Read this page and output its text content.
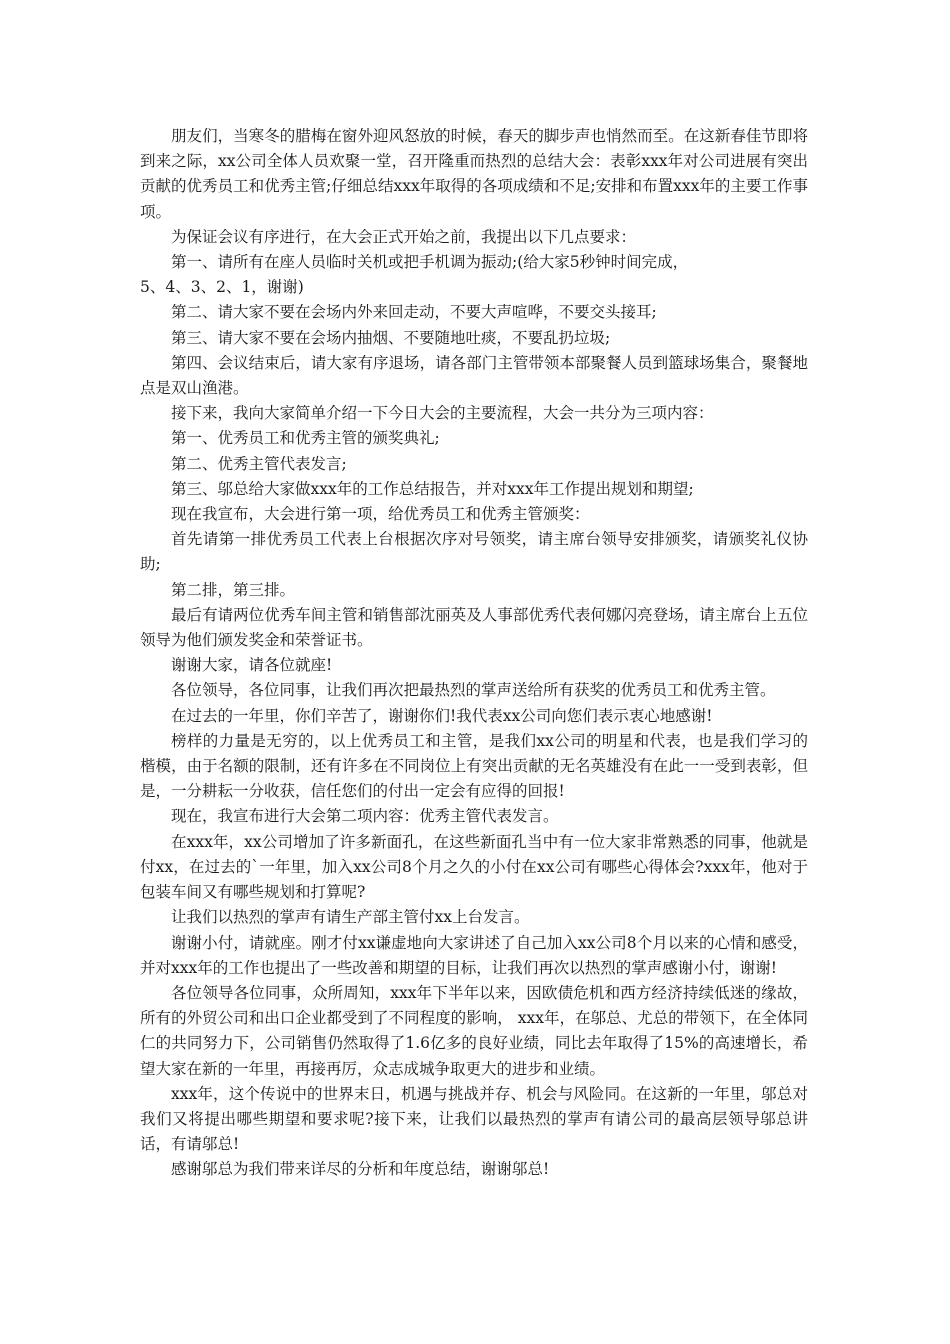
朋友们，当寒冬的腊梅在窗外迎风怒放的时候，春天的脚步声也悄然而至。在这新春佳节即将到来之际，xx公司全体人员欢聚一堂，召开隆重而热烈的总结大会：表彰xxx年对公司进展有突出贡献的优秀员工和优秀主管;仔细总结xxx年取得的各项成绩和不足;安排和布置xxx年的主要工作事项。

为保证会议有序进行，在大会正式开始之前，我提出以下几点要求：

第一、请所有在座人员临时关机或把手机调为振动;(给大家5秒钟时间完成，

5、4、3、2、1，谢谢)

第二、请大家不要在会场内外来回走动，不要大声喧哗，不要交头接耳;

第三、请大家不要在会场内抽烟、不要随地吐痰，不要乱扔垃圾;

第四、会议结束后，请大家有序退场，请各部门主管带领本部聚餐人员到篮球场集合，聚餐地点是双山渔港。

接下来，我向大家简单介绍一下今日大会的主要流程，大会一共分为三项内容：

第一、优秀员工和优秀主管的颁奖典礼;

第二、优秀主管代表发言;

第三、邬总给大家做xxx年的工作总结报告，并对xxx年工作提出规划和期望;

现在我宣布，大会进行第一项，给优秀员工和优秀主管颁奖：

首先请第一排优秀员工代表上台根据次序对号领奖，请主席台领导安排颁奖，请颁奖礼仪协助;

第二排，第三排。

最后有请两位优秀车间主管和销售部沈丽英及人事部优秀代表何娜闪亮登场，请主席台上五位领导为他们颁发奖金和荣誉证书。

谢谢大家，请各位就座!

各位领导，各位同事，让我们再次把最热烈的掌声送给所有获奖的优秀员工和优秀主管。

在过去的一年里，你们辛苦了，谢谢你们!我代表xx公司向您们表示衷心地感谢!

榜样的力量是无穷的，以上优秀员工和主管，是我们xx公司的明星和代表，也是我们学习的楷模，由于名额的限制，还有许多在不同岗位上有突出贡献的无名英雄没有在此一一受到表彰，但是，一分耕耘一分收获，信任您们的付出一定会有应得的回报!

现在，我宣布进行大会第二项内容：优秀主管代表发言。

在xxx年，xx公司增加了许多新面孔，在这些新面孔当中有一位大家非常熟悉的同事，他就是付xx，在过去的`一年里，加入xx公司8个月之久的小付在xx公司有哪些心得体会?xxx年，他对于包装车间又有哪些规划和打算呢?

让我们以热烈的掌声有请生产部主管付xx上台发言。

谢谢小付，请就座。刚才付xx谦虚地向大家讲述了自己加入xx公司8个月以来的心情和感受，并对xxx年的工作也提出了一些改善和期望的目标，让我们再次以热烈的掌声感谢小付，谢谢!

各位领导各位同事，众所周知，xxx年下半年以来，因欧债危机和西方经济持续低迷的缘故，所有的外贸公司和出口企业都受到了不同程度的影响， xxx年，在邬总、尤总的带领下，在全体同仁的共同努力下，公司销售仍然取得了1.6亿多的良好业绩，同比去年取得了15%的高速增长，希望大家在新的一年里，再接再厉，众志成城争取更大的进步和业绩。

xxx年，这个传说中的世界末日，机遇与挑战并存、机会与风险同。在这新的一年里，邬总对我们又将提出哪些期望和要求呢?接下来，让我们以最热烈的掌声有请公司的最高层领导邬总讲话，有请邬总!

感谢邬总为我们带来详尽的分析和年度总结，谢谢邬总!
